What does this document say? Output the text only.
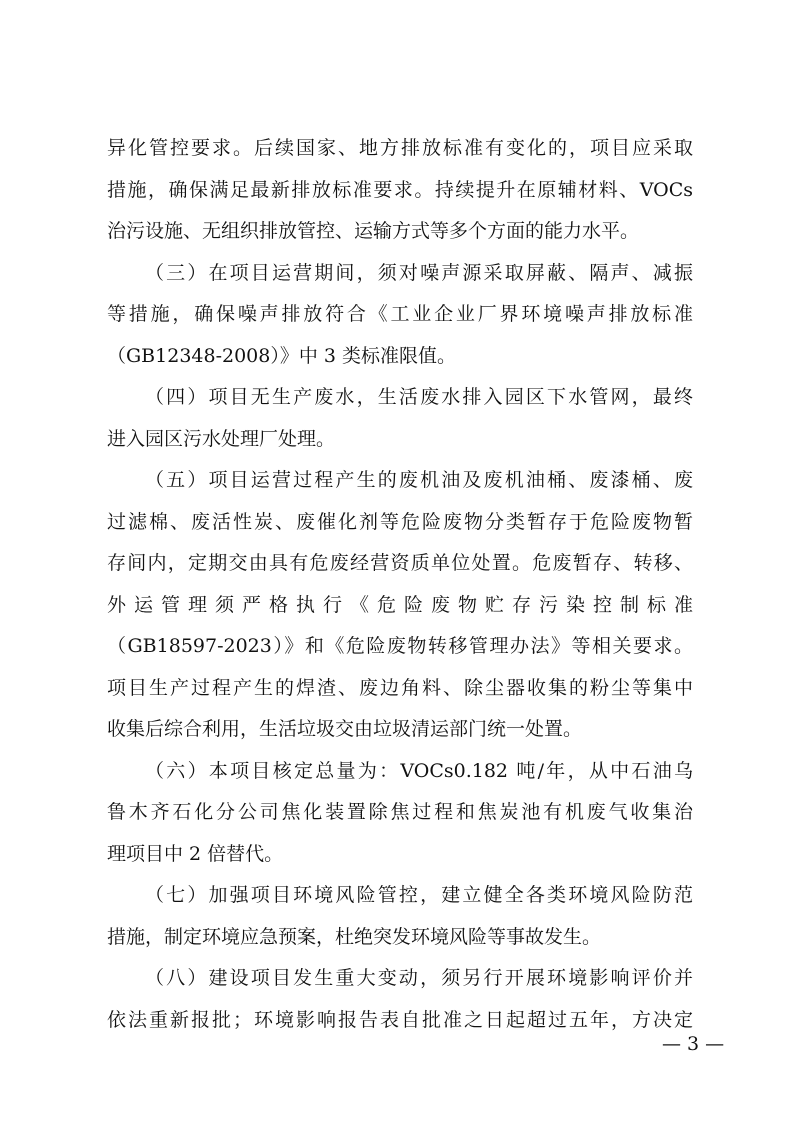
异化管控要求。后续国家、地方排放标准有变化的，项目应采取
措施，确保满足最新排放标准要求。持续提升在原辅材料、VOCs
治污设施、无组织排放管控、运输方式等多个方面的能力水平。
（三）在项目运营期间，须对噪声源采取屏蔽、隔声、减振
等措施，确保噪声排放符合《工业企业厂界环境噪声排放标准
（GB12348-2008）》中 3 类标准限值。
（四）项目无生产废水，生活废水排入园区下水管网，最终
进入园区污水处理厂处理。
（五）项目运营过程产生的废机油及废机油桶、废漆桶、废
过滤棉、废活性炭、废催化剂等危险废物分类暂存于危险废物暂
存间内，定期交由具有危废经营资质单位处置。危废暂存、转移、
外运管理须严格执行《危险废物贮存污染控制标准
（GB18597-2023）》和《危险废物转移管理办法》等相关要求。
项目生产过程产生的焊渣、废边角料、除尘器收集的粉尘等集中
收集后综合利用，生活垃圾交由垃圾清运部门统一处置。
（六）本项目核定总量为：VOCs0.182 吨/年，从中石油乌
鲁木齐石化分公司焦化装置除焦过程和焦炭池有机废气收集治
理项目中 2 倍替代。
（七）加强项目环境风险管控，建立健全各类环境风险防范
措施，制定环境应急预案，杜绝突发环境风险等事故发生。
（八）建设项目发生重大变动，须另行开展环境影响评价并
依法重新报批；环境影响报告表自批准之日起超过五年，方决定
— 3 —
